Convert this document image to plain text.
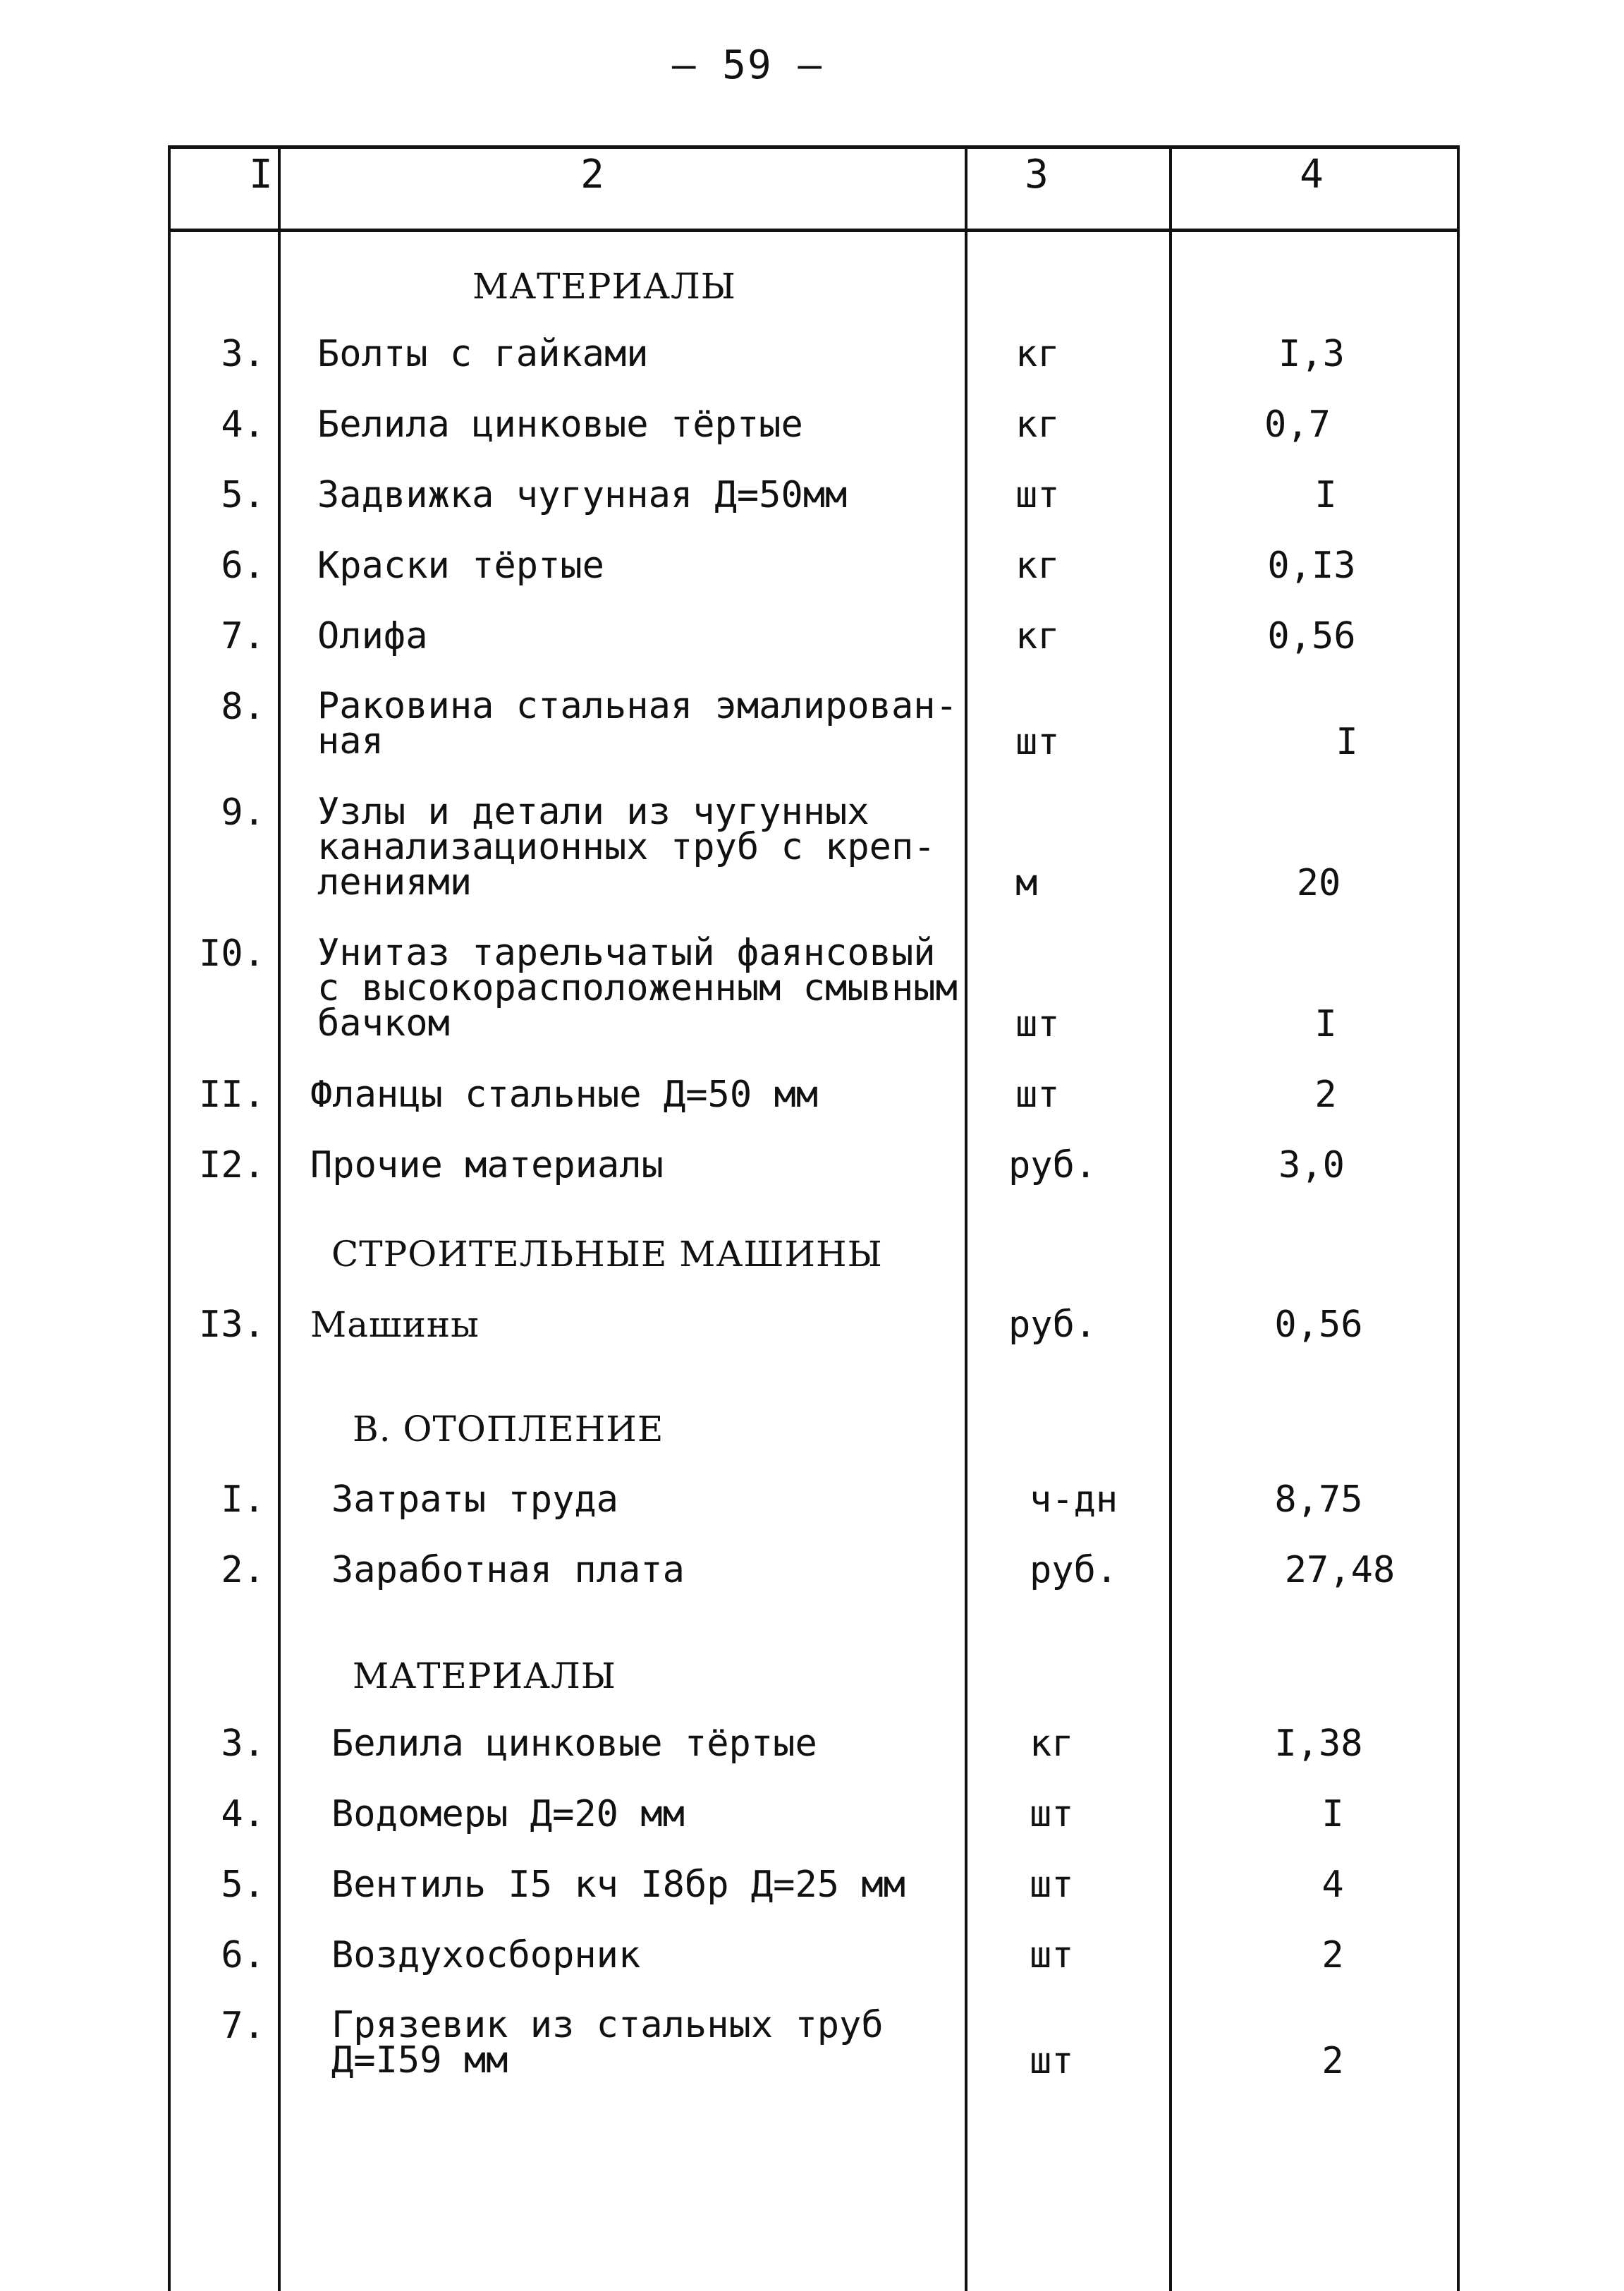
– 59 –
I	2	3	4
МАТЕРИАЛЫ
3. Болты с гайками	кг	I,3
4. Белила цинковые тёртые	кг	0,7
5. Задвижка чугунная Д=50мм	шт	I
6. Краски тёртые	кг	0,I3
7. Олифа	кг	0,56
8. Раковина стальная эмалирован-
ная	шт	I
9. Узлы и детали из чугунных
канализационных труб с креп-
лениями	м	20
I0. Унитаз тарельчатый фаянсовый
с высокорасположенным смывным
бачком	шт	I
II. Фланцы стальные Д=50 мм	шт	2
I2. Прочие материалы	руб.	3,0
СТРОИТЕЛЬНЫЕ МАШИНЫ
I3. Машины	руб.	0,56
В. ОТОПЛЕНИЕ
I. Затраты труда	ч-дн	8,75
2. Заработная плата	руб.	27,48
МАТЕРИАЛЫ
3. Белила цинковые тёртые	кг	I,38
4. Водомеры Д=20 мм	шт	I
5. Вентиль I5 кч I8бр Д=25 мм	шт	4
6. Воздухосборник	шт	2
7. Грязевик из стальных труб
Д=I59 мм	шт	2
